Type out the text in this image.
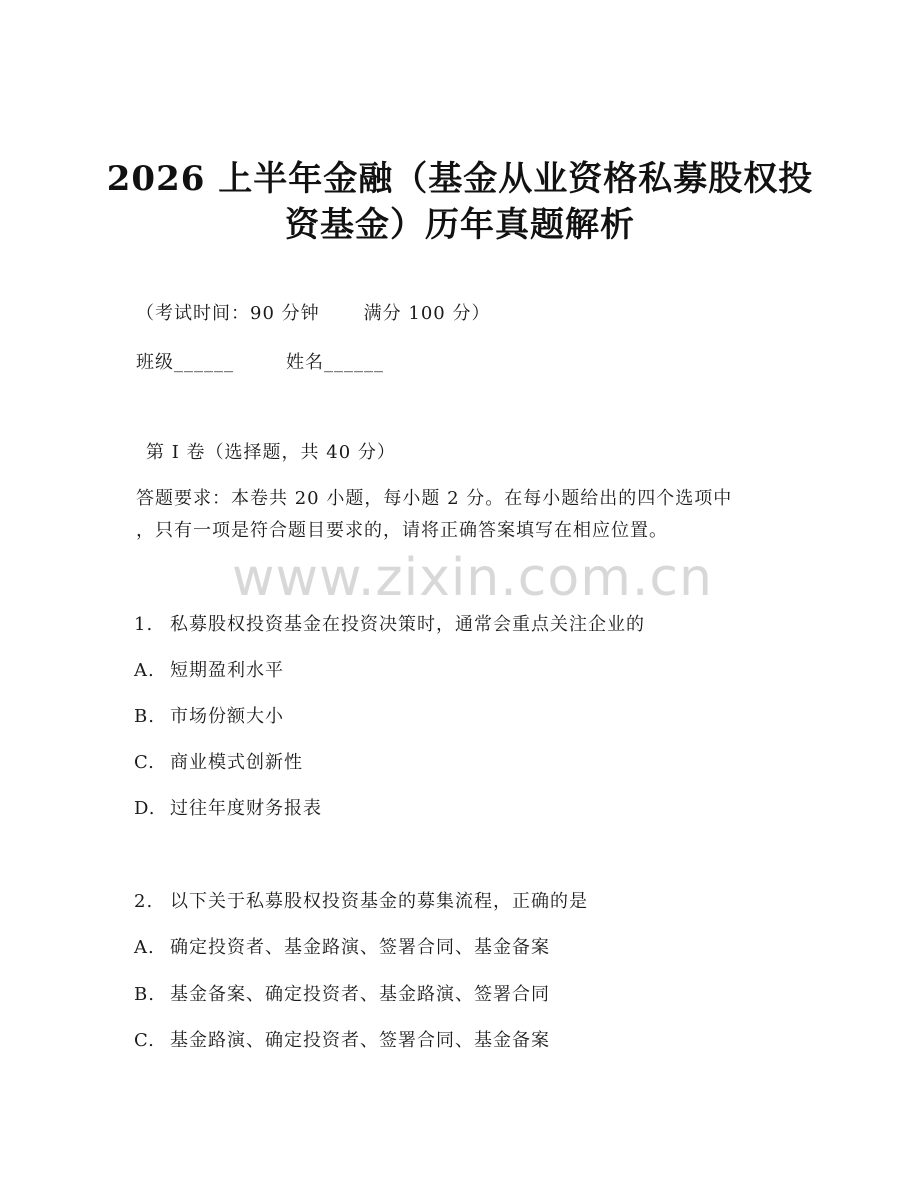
2026 上半年金融（基金从业资格私募股权投
资基金）历年真题解析
（考试时间：90 分钟 满分 100 分）
班级______	姓名______
第 I 卷（选择题，共 40 分）
答题要求：本卷共 20 小题，每小题 2 分。在每小题给出的四个选项中
，只有一项是符合题目要求的，请将正确答案填写在相应位置。
www.zixin.com.cn
1. 私募股权投资基金在投资决策时，通常会重点关注企业的
A. 短期盈利水平
B. 市场份额大小
C. 商业模式创新性
D. 过往年度财务报表
2. 以下关于私募股权投资基金的募集流程，正确的是
A. 确定投资者、基金路演、签署合同、基金备案
B. 基金备案、确定投资者、基金路演、签署合同
C. 基金路演、确定投资者、签署合同、基金备案
